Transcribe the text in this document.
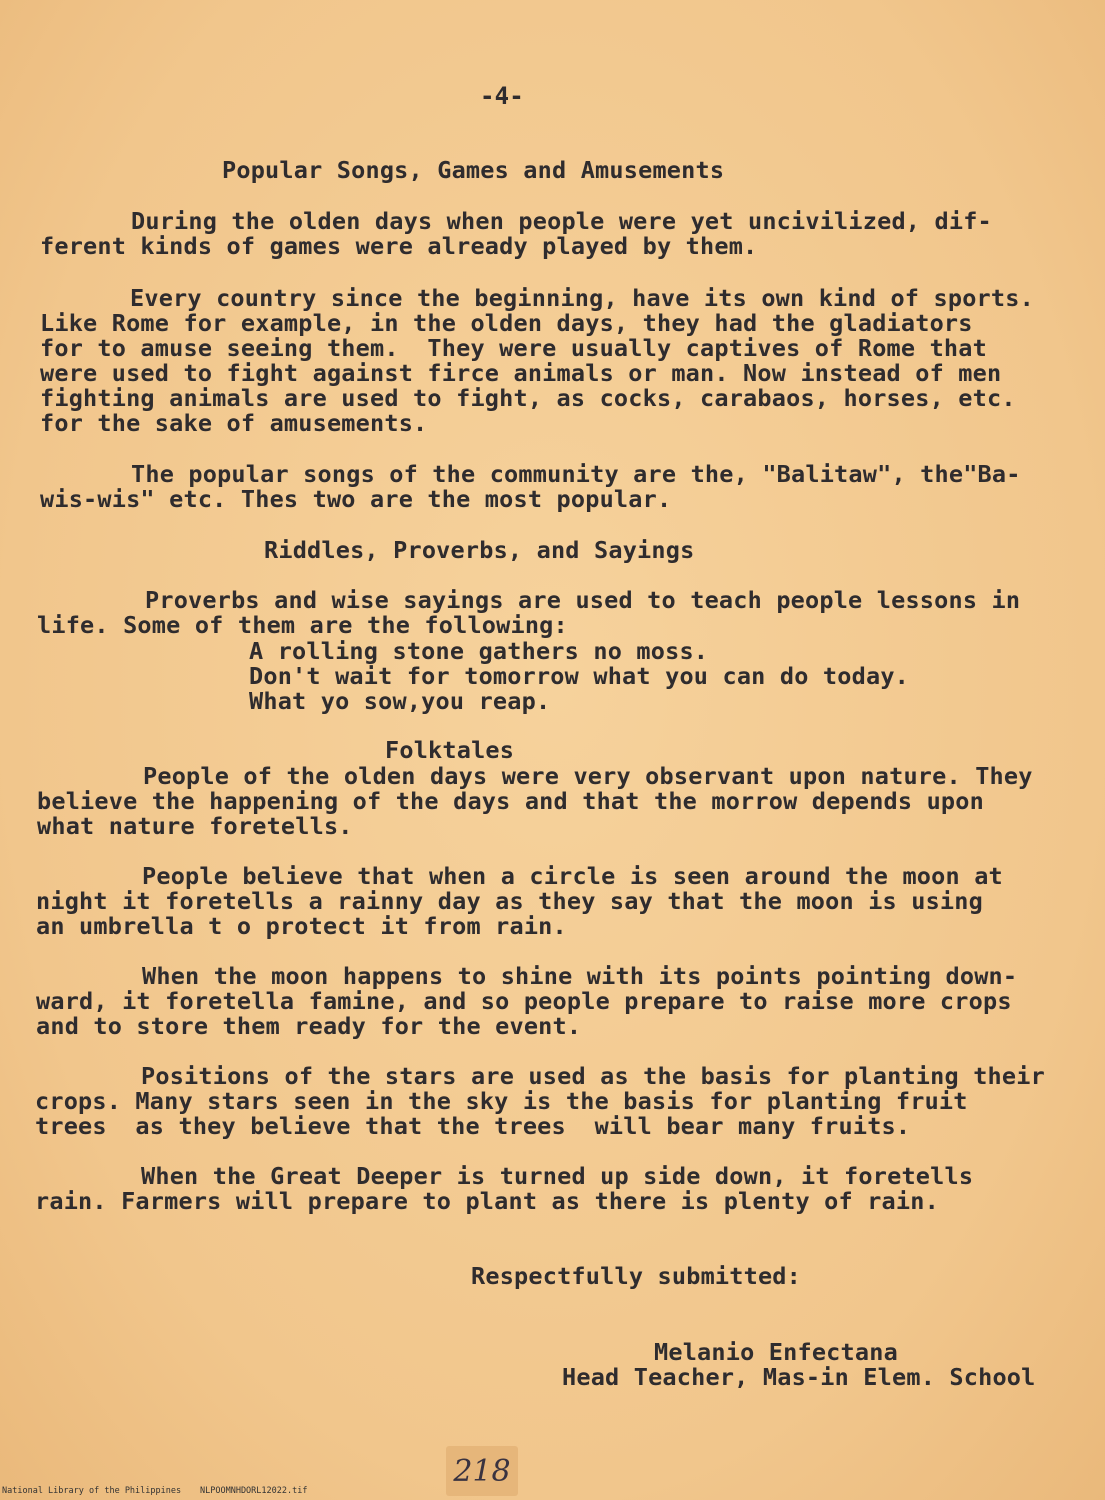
-4-
Popular Songs, Games and Amusements
During the olden days when people were yet uncivilized, dif-
ferent kinds of games were already played by them.
Every country since the beginning, have its own kind of sports.
Like Rome for example, in the olden days, they had the gladiators
for to amuse seeing them.  They were usually captives of Rome that
were used to fight against firce animals or man. Now instead of men
fighting animals are used to fight, as cocks, carabaos, horses, etc.
for the sake of amusements.
The popular songs of the community are the, "Balitaw", the"Ba-
wis-wis" etc. Thes two are the most popular.
Riddles, Proverbs, and Sayings
Proverbs and wise sayings are used to teach people lessons in
life. Some of them are the following:
A rolling stone gathers no moss.
Don't wait for tomorrow what you can do today.
What yo sow,you reap.
Folktales
People of the olden days were very observant upon nature. They
believe the happening of the days and that the morrow depends upon
what nature foretells.
People believe that when a circle is seen around the moon at
night it foretells a rainny day as they say that the moon is using
an umbrella t o protect it from rain.
When the moon happens to shine with its points pointing down-
ward, it foretella famine, and so people prepare to raise more crops
and to store them ready for the event.
Positions of the stars are used as the basis for planting their
crops. Many stars seen in the sky is the basis for planting fruit
trees  as they believe that the trees  will bear many fruits.
When the Great Deeper is turned up side down, it foretells
rain. Farmers will prepare to plant as there is plenty of rain.
Respectfully submitted:
Melanio Enfectana
Head Teacher, Mas-in Elem. School
218
National Library of the Philippines NLPOOMNHDORL12022.tif
